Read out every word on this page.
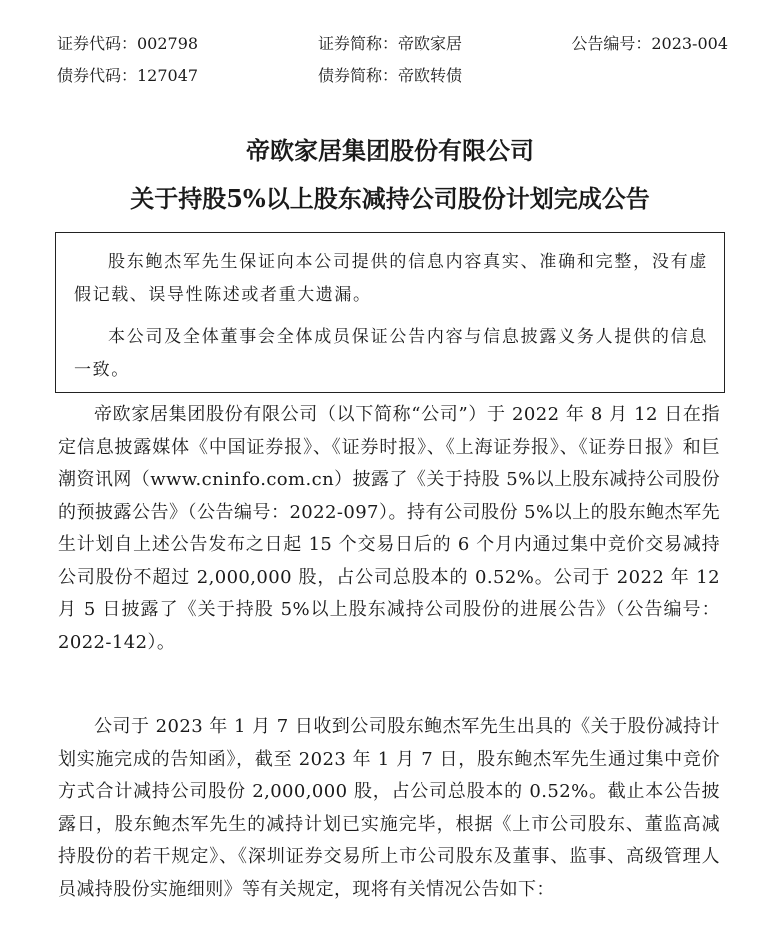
证券代码：002798	证券简称：帝欧家居	公告编号：2023-004
债券代码：127047	债券简称：帝欧转债
帝欧家居集团股份有限公司
关于持股5%以上股东减持公司股份计划完成公告

股东鲍杰军先生保证向本公司提供的信息内容真实、准确和完整，没有虚假记载、误导性陈述或者重大遗漏。

本公司及全体董事会全体成员保证公告内容与信息披露义务人提供的信息一致。

帝欧家居集团股份有限公司（以下简称“公司”）于 2022 年 8 月 12 日在指定信息披露媒体《中国证券报》、《证券时报》、《上海证券报》、《证券日报》和巨潮资讯网（www.cninfo.com.cn）披露了《关于持股 5%以上股东减持公司股份的预披露公告》（公告编号：2022-097）。持有公司股份 5%以上的股东鲍杰军先生计划自上述公告发布之日起 15 个交易日后的 6 个月内通过集中竞价交易减持公司股份不超过 2,000,000 股，占公司总股本的 0.52%。公司于 2022 年 12 月 5 日披露了《关于持股 5%以上股东减持公司股份的进展公告》（公告编号：2022-142）。

公司于 2023 年 1 月 7 日收到公司股东鲍杰军先生出具的《关于股份减持计划实施完成的告知函》，截至 2023 年 1 月 7 日，股东鲍杰军先生通过集中竞价方式合计减持公司股份 2,000,000 股，占公司总股本的 0.52%。截止本公告披露日，股东鲍杰军先生的减持计划已实施完毕，根据《上市公司股东、董监高减持股份的若干规定》、《深圳证券交易所上市公司股东及董事、监事、高级管理人员减持股份实施细则》等有关规定，现将有关情况公告如下：
